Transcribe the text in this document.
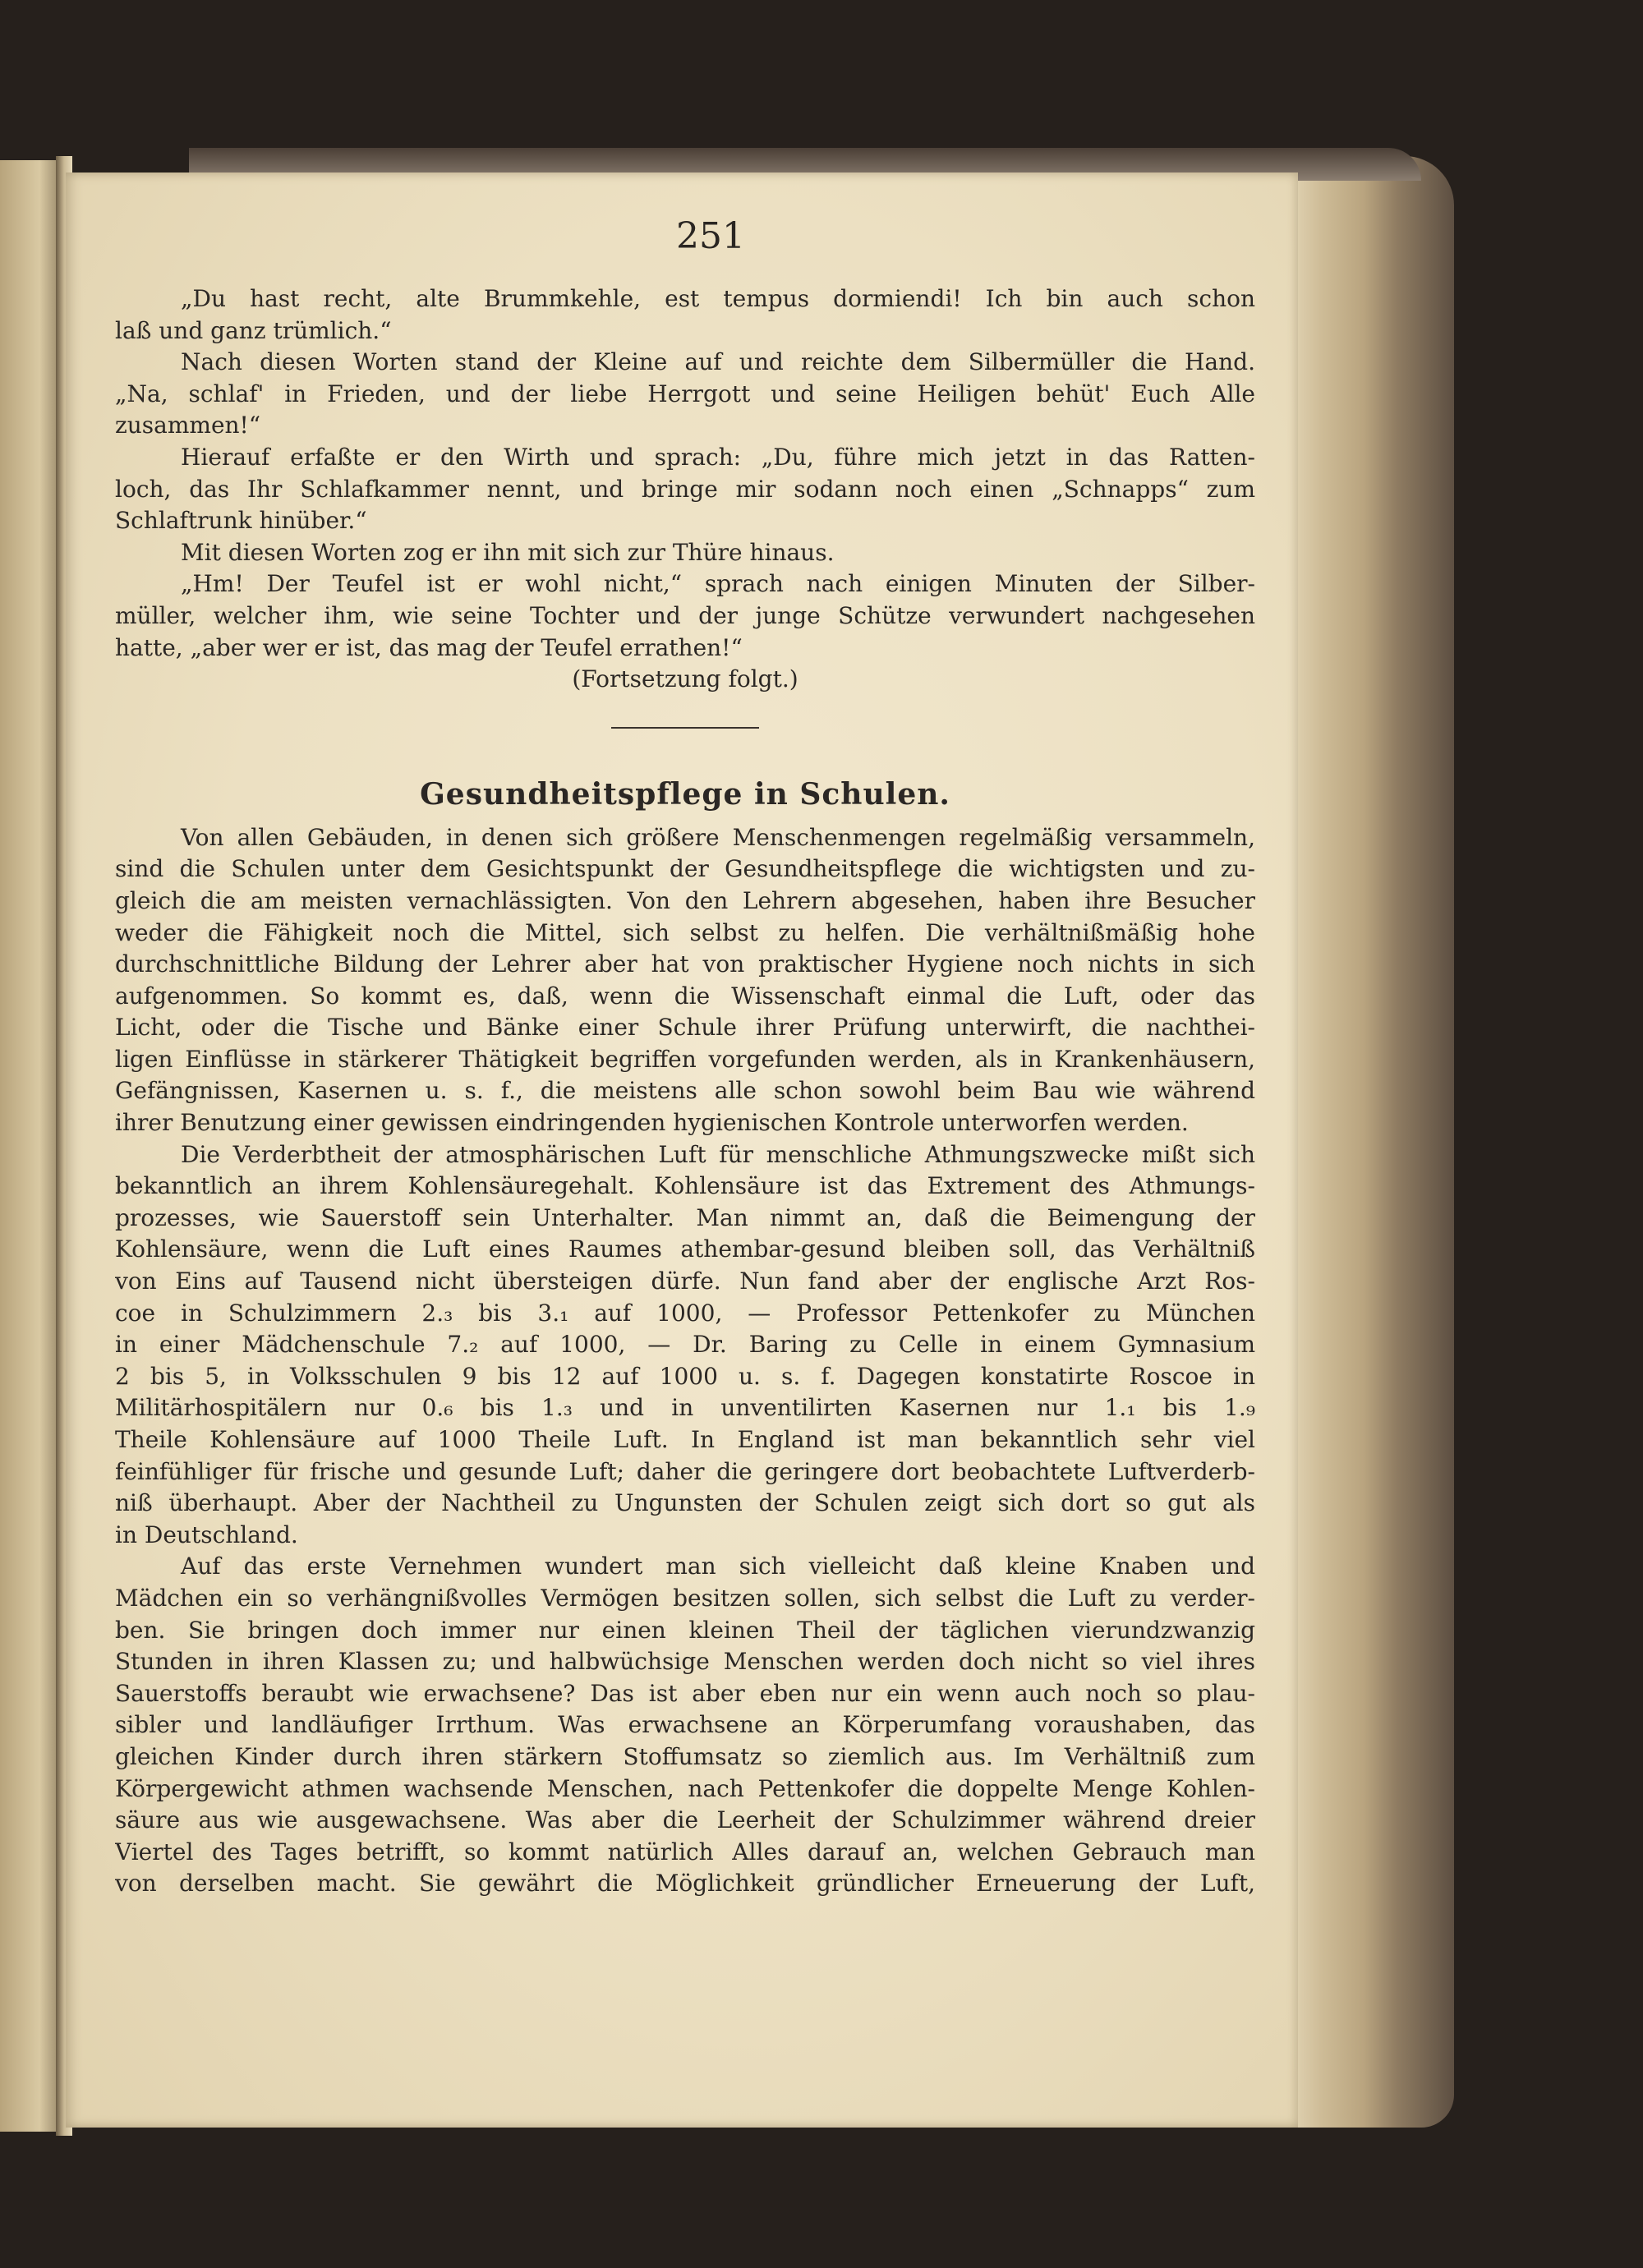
251
„Du hast recht, alte Brummkehle, est tempus dormiendi! Ich bin auch schon
laß und ganz trümlich.“
Nach diesen Worten stand der Kleine auf und reichte dem Silbermüller die Hand.
„Na, schlaf' in Frieden, und der liebe Herrgott und seine Heiligen behüt' Euch Alle
zusammen!“
Hierauf erfaßte er den Wirth und sprach: „Du, führe mich jetzt in das Ratten-
loch, das Ihr Schlafkammer nennt, und bringe mir sodann noch einen „Schnapps“ zum
Schlaftrunk hinüber.“
Mit diesen Worten zog er ihn mit sich zur Thüre hinaus.
„Hm! Der Teufel ist er wohl nicht,“ sprach nach einigen Minuten der Silber-
müller, welcher ihm, wie seine Tochter und der junge Schütze verwundert nachgesehen
hatte, „aber wer er ist, das mag der Teufel errathen!“
(Fortsetzung folgt.)
Gesundheitspflege in Schulen.
Von allen Gebäuden, in denen sich größere Menschenmengen regelmäßig versammeln,
sind die Schulen unter dem Gesichtspunkt der Gesundheitspflege die wichtigsten und zu-
gleich die am meisten vernachlässigten. Von den Lehrern abgesehen, haben ihre Besucher
weder die Fähigkeit noch die Mittel, sich selbst zu helfen. Die verhältnißmäßig hohe
durchschnittliche Bildung der Lehrer aber hat von praktischer Hygiene noch nichts in sich
aufgenommen. So kommt es, daß, wenn die Wissenschaft einmal die Luft, oder das
Licht, oder die Tische und Bänke einer Schule ihrer Prüfung unterwirft, die nachthei-
ligen Einflüsse in stärkerer Thätigkeit begriffen vorgefunden werden, als in Krankenhäusern,
Gefängnissen, Kasernen u. s. f., die meistens alle schon sowohl beim Bau wie während
ihrer Benutzung einer gewissen eindringenden hygienischen Kontrole unterworfen werden.
Die Verderbtheit der atmosphärischen Luft für menschliche Athmungszwecke mißt sich
bekanntlich an ihrem Kohlensäuregehalt. Kohlensäure ist das Extrement des Athmungs-
prozesses, wie Sauerstoff sein Unterhalter. Man nimmt an, daß die Beimengung der
Kohlensäure, wenn die Luft eines Raumes athembar-gesund bleiben soll, das Verhältniß
von Eins auf Tausend nicht übersteigen dürfe. Nun fand aber der englische Arzt Ros-
coe in Schulzimmern 2.₃ bis 3.₁ auf 1000, — Professor Pettenkofer zu München
in einer Mädchenschule 7.₂ auf 1000, — Dr. Baring zu Celle in einem Gymnasium
2 bis 5, in Volksschulen 9 bis 12 auf 1000 u. s. f. Dagegen konstatirte Roscoe in
Militärhospitälern nur 0.₆ bis 1.₃ und in unventilirten Kasernen nur 1.₁ bis 1.₉
Theile Kohlensäure auf 1000 Theile Luft. In England ist man bekanntlich sehr viel
feinfühliger für frische und gesunde Luft; daher die geringere dort beobachtete Luftverderb-
niß überhaupt. Aber der Nachtheil zu Ungunsten der Schulen zeigt sich dort so gut als
in Deutschland.
Auf das erste Vernehmen wundert man sich vielleicht daß kleine Knaben und
Mädchen ein so verhängnißvolles Vermögen besitzen sollen, sich selbst die Luft zu verder-
ben. Sie bringen doch immer nur einen kleinen Theil der täglichen vierundzwanzig
Stunden in ihren Klassen zu; und halbwüchsige Menschen werden doch nicht so viel ihres
Sauerstoffs beraubt wie erwachsene? Das ist aber eben nur ein wenn auch noch so plau-
sibler und landläufiger Irrthum. Was erwachsene an Körperumfang voraushaben, das
gleichen Kinder durch ihren stärkern Stoffumsatz so ziemlich aus. Im Verhältniß zum
Körpergewicht athmen wachsende Menschen, nach Pettenkofer die doppelte Menge Kohlen-
säure aus wie ausgewachsene. Was aber die Leerheit der Schulzimmer während dreier
Viertel des Tages betrifft, so kommt natürlich Alles darauf an, welchen Gebrauch man
von derselben macht. Sie gewährt die Möglichkeit gründlicher Erneuerung der Luft,
